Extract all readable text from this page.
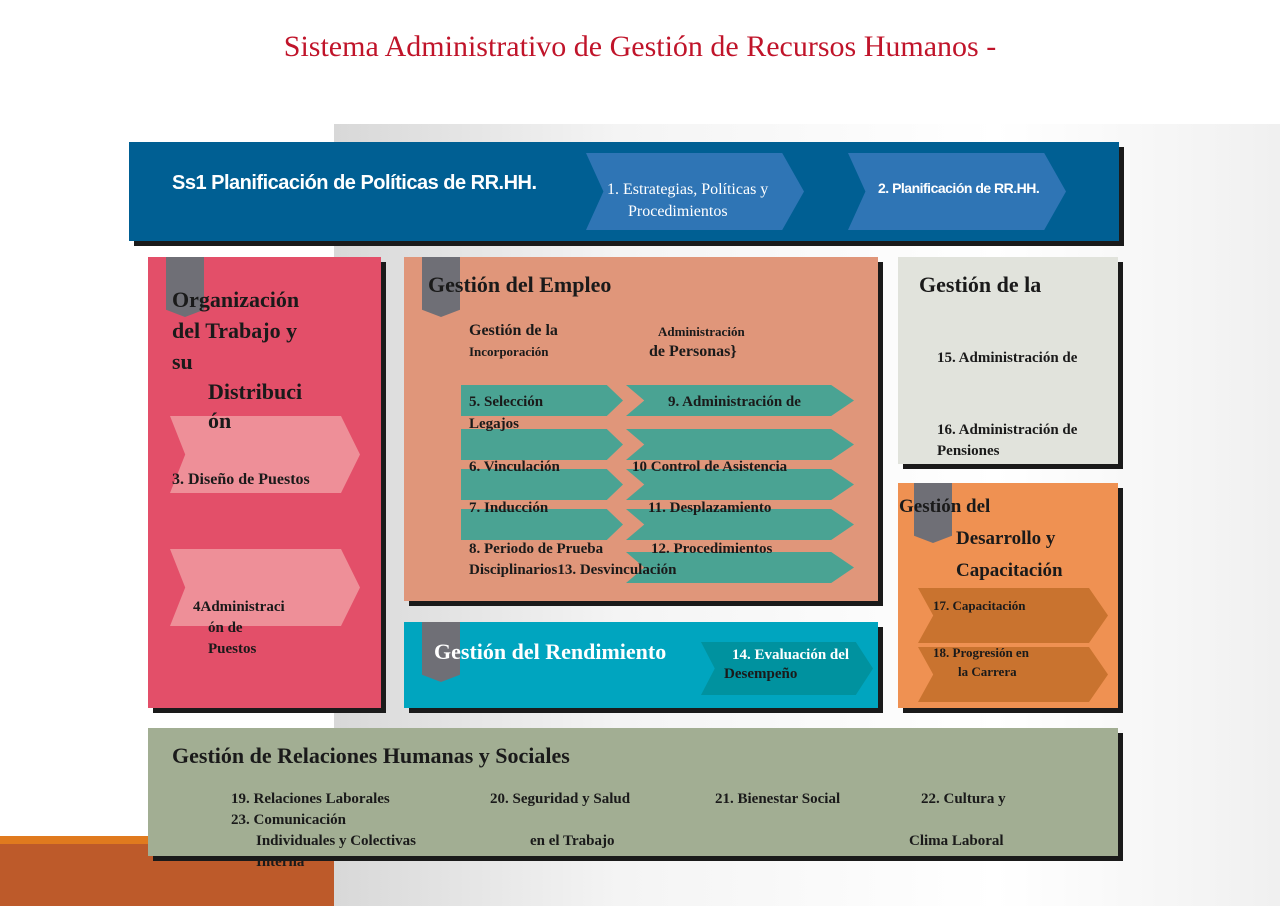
Sistema Administrativo de Gestión de Recursos Humanos -
Ss1 Planificación de Políticas de RR.HH.	1. Estrategias, Políticas y
Procedimientos
2. Planificación de RR.HH.
Organización
del Trabajo y
su
Distribuci
ón
3. Diseño de Puestos
4Administraci
ón de
Puestos
Gestión del Empleo
Gestión de la
Incorporación
Administración
de Personas}
5. Selección	9. Administración de
Legajos
6. Vinculación	10 Control de Asistencia
7. Inducción	11. Desplazamiento
8. Periodo de Prueba	12. Procedimientos
Disciplinarios13. Desvinculación
Gestión de la
15. Administración de
16. Administración de
Pensiones
Gestión del
Desarrollo y
Capacitación
17. Capacitación
18. Progresión en
la Carrera
Gestión del Rendimiento	14. Evaluación del
Desempeño
Gestión de Relaciones Humanas y Sociales
19. Relaciones Laborales	20. Seguridad y Salud	21. Bienestar Social	22. Cultura y
23. Comunicación
Individuales y Colectivas	en el Trabajo	Clima Laboral
Interna
